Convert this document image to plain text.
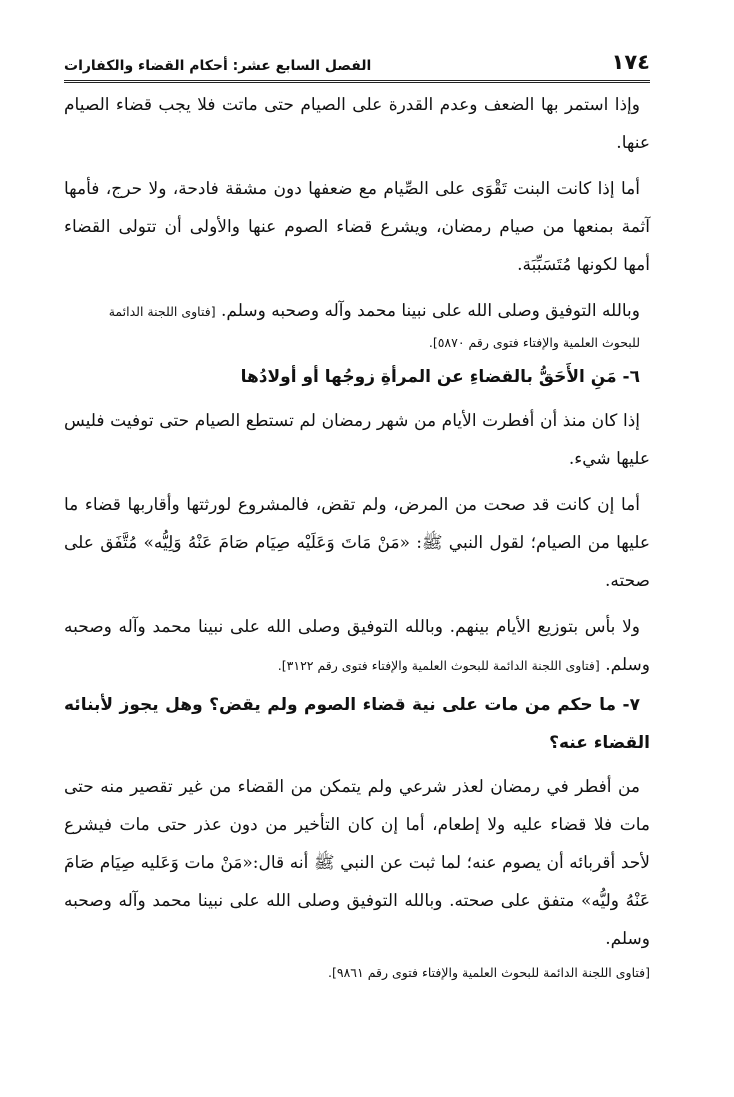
١٧٤
الفصل السابع عشر: أحكام القضاء والكفارات

وإذا استمر بها الضعف وعدم القدرة على الصيام حتى ماتت فلا يجب قضاء الصيام عنها.

أما إذا كانت البنت تَقْوَى على الصِّيام مع ضعفها دون مشقة فادحة، ولا حرج، فأمها آثمة بمنعها من صيام رمضان، ويشرع قضاء الصوم عنها والأولى أن تتولى القضاء أمها لكونها مُتَسَبِّبَة.

وبالله التوفيق وصلى الله على نبينا محمد وآله وصحبه وسلم. [فتاوى اللجنة الدائمة
للبحوث العلمية والإفتاء فتوى رقم ٥٨٧٠].

٦- مَنِ الأَحَقُّ بالقضاءِ عن المرأةِ زوجُها أو أولادُها

إذا كان منذ أن أفطرت الأيام من شهر رمضان لم تستطع الصيام حتى توفيت فليس عليها شيء.

أما إن كانت قد صحت من المرض، ولم تقض، فالمشروع لورثتها وأقاربها قضاء ما عليها من الصيام؛ لقول النبي ﷺ: «مَنْ مَاتَ وَعَلَيْه صِيَام صَامَ عَنْهُ وَلِيُّه» مُتَّفَق على صحته.

ولا بأس بتوزيع الأيام بينهم. وبالله التوفيق وصلى الله على نبينا محمد وآله وصحبه وسلم. [فتاوى اللجنة الدائمة للبحوث العلمية والإفتاء فتوى رقم ٣١٢٢].

٧- ما حكم من مات على نية قضاء الصوم ولم يقض؟ وهل يجوز لأبنائه القضاء عنه؟

من أفطر في رمضان لعذر شرعي ولم يتمكن من القضاء من غير تقصير منه حتى مات فلا قضاء عليه ولا إطعام، أما إن كان التأخير من دون عذر حتى مات فيشرع لأحد أقربائه أن يصوم عنه؛ لما ثبت عن النبي ﷺ أنه قال:«مَنْ مات وَعَليه صِيَام صَامَ عَنْهُ وليُّه» متفق على صحته. وبالله التوفيق وصلى الله على نبينا محمد وآله وصحبه وسلم.

[فتاوى اللجنة الدائمة للبحوث العلمية والإفتاء فتوى رقم ٩٨٦١].
